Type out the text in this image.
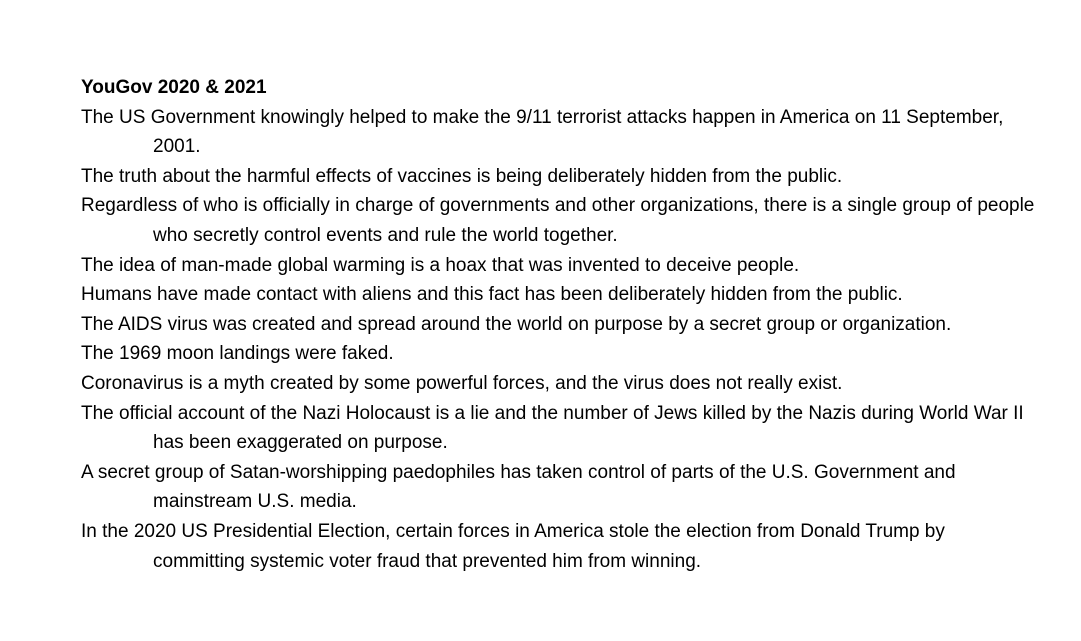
YouGov 2020 & 2021

The US Government knowingly helped to make the 9/11 terrorist attacks happen in America on 11 September, 2001.
The truth about the harmful effects of vaccines is being deliberately hidden from the public.
Regardless of who is officially in charge of governments and other organizations, there is a single group of people who secretly control events and rule the world together.
The idea of man-made global warming is a hoax that was invented to deceive people.
Humans have made contact with aliens and this fact has been deliberately hidden from the public.
The AIDS virus was created and spread around the world on purpose by a secret group or organization.
The 1969 moon landings were faked.
Coronavirus is a myth created by some powerful forces, and the virus does not really exist.
The official account of the Nazi Holocaust is a lie and the number of Jews killed by the Nazis during World War II has been exaggerated on purpose.
A secret group of Satan-worshipping paedophiles has taken control of parts of the U.S. Government and mainstream U.S. media.
In the 2020 US Presidential Election, certain forces in America stole the election from Donald Trump by committing systemic voter fraud that prevented him from winning.
